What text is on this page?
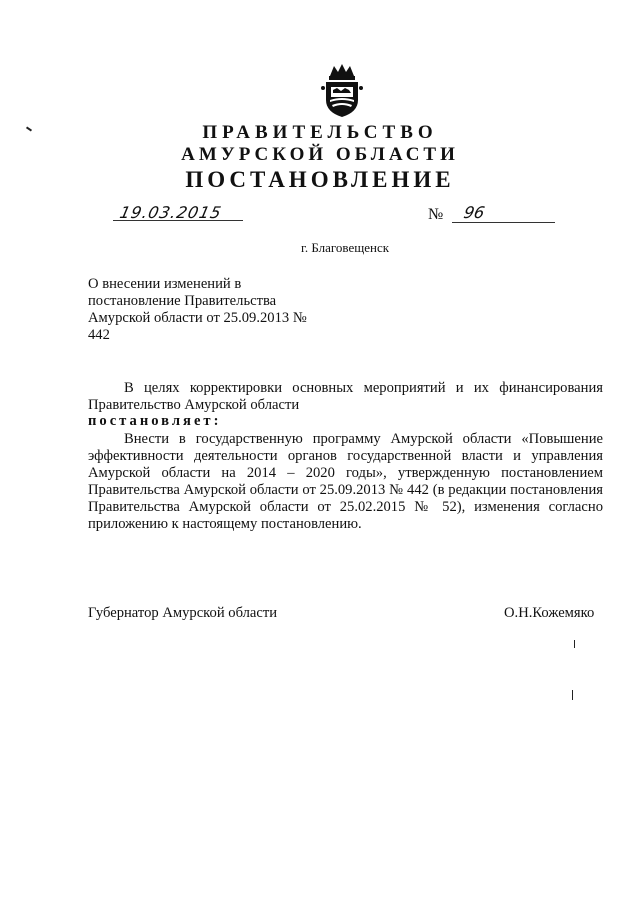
ПРАВИТЕЛЬСТВО
АМУРСКОЙ ОБЛАСТИ
ПОСТАНОВЛЕНИЕ
19.03.2015	№ 96
г. Благовещенск
О внесении изменений в постановление Правительства Амурской области от 25.09.2013 № 442
В целях корректировки основных мероприятий и их финансирования Правительство Амурской области
постановляет:
Внести в государственную программу Амурской области «Повышение эффективности деятельности органов государственной власти и управления Амурской области на 2014 – 2020 годы», утвержденную постановлением Правительства Амурской области от 25.09.2013 № 442 (в редакции постановления Правительства Амурской области от 25.02.2015 № 52), изменения согласно приложению к настоящему постановлению.
Губернатор Амурской области	О.Н.Кожемяко
